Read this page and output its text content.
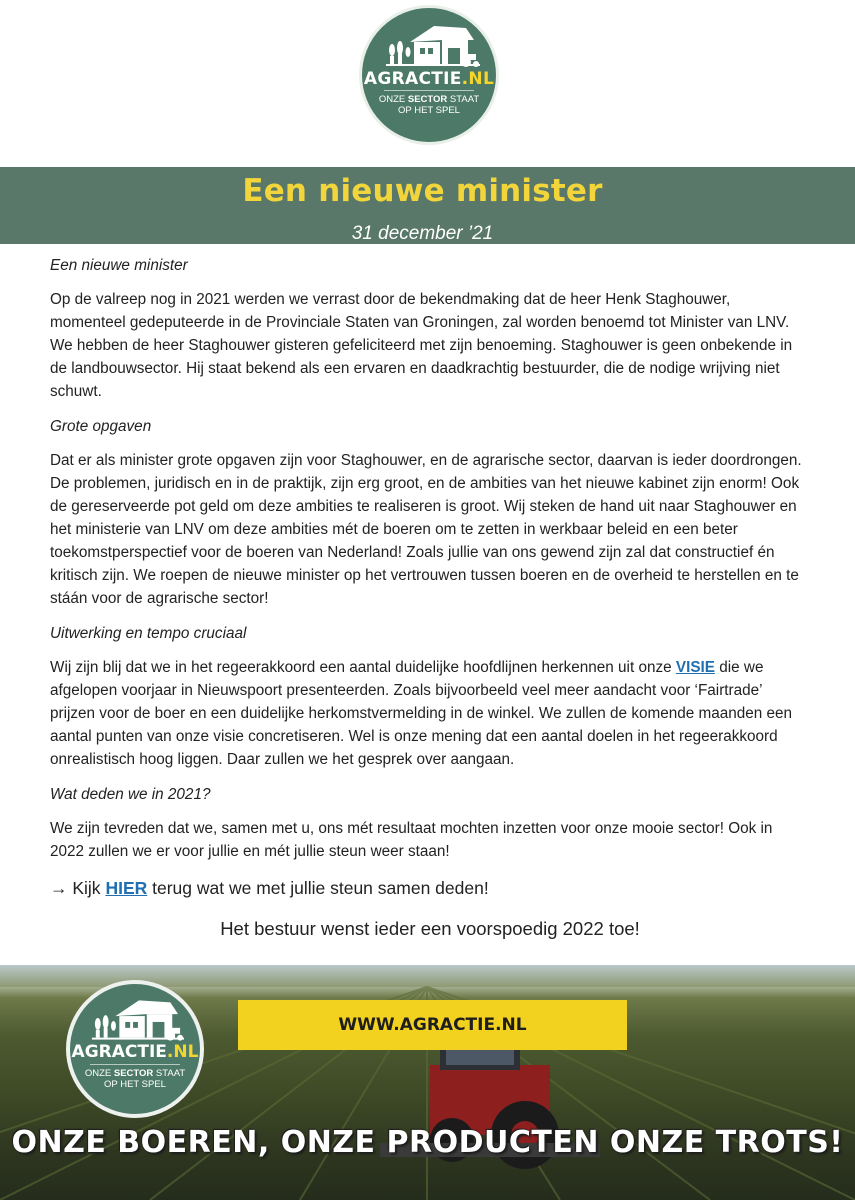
AGRACTIE.NL
ONZE SECTOR STAAT
OP HET SPEL
Een nieuwe minister
31 december ’21
Een nieuwe minister

Op de valreep nog in 2021 werden we verrast door de bekendmaking dat de heer Henk Staghouwer, momenteel gedeputeerde in de Provinciale Staten van Groningen, zal worden benoemd tot Minister van LNV. We hebben de heer Staghouwer gisteren gefeliciteerd met zijn benoeming. Staghouwer is geen onbekende in de landbouwsector. Hij staat bekend als een ervaren en daadkrachtig bestuurder, die de nodige wrijving niet schuwt.

Grote opgaven

Dat er als minister grote opgaven zijn voor Staghouwer, en de agrarische sector, daarvan is ieder doordrongen. De problemen, juridisch en in de praktijk, zijn erg groot, en de ambities van het nieuwe kabinet zijn enorm! Ook de gereserveerde pot geld om deze ambities te realiseren is groot. Wij steken de hand uit naar Staghouwer en het ministerie van LNV om deze ambities mét de boeren om te zetten in werkbaar beleid en een beter toekomstperspectief voor de boeren van Nederland! Zoals jullie van ons gewend zijn zal dat constructief én kritisch zijn. We roepen de nieuwe minister op het vertrouwen tussen boeren en de overheid te herstellen en te stáán voor de agrarische sector!

Uitwerking en tempo cruciaal

Wij zijn blij dat we in het regeerakkoord een aantal duidelijke hoofdlijnen herkennen uit onze VISIE die we afgelopen voorjaar in Nieuwspoort presenteerden. Zoals bijvoorbeeld veel meer aandacht voor ‘Fairtrade’ prijzen voor de boer en een duidelijke herkomstvermelding in de winkel. We zullen de komende maanden een aantal punten van onze visie concretiseren. Wel is onze mening dat een aantal doelen in het regeerakkoord onrealistisch hoog liggen. Daar zullen we het gesprek over aangaan.

Wat deden we in 2021?

We zijn tevreden dat we, samen met u, ons mét resultaat mochten inzetten voor onze mooie sector! Ook in 2022 zullen we er voor jullie en mét jullie steun weer staan!

→ Kijk HIER terug wat we met jullie steun samen deden!
Het bestuur wenst ieder een voorspoedig 2022 toe!
WWW.AGRACTIE.NL
AGRACTIE.NL
ONZE SECTOR STAAT
OP HET SPEL
ONZE BOEREN, ONZE PRODUCTEN ONZE TROTS!
